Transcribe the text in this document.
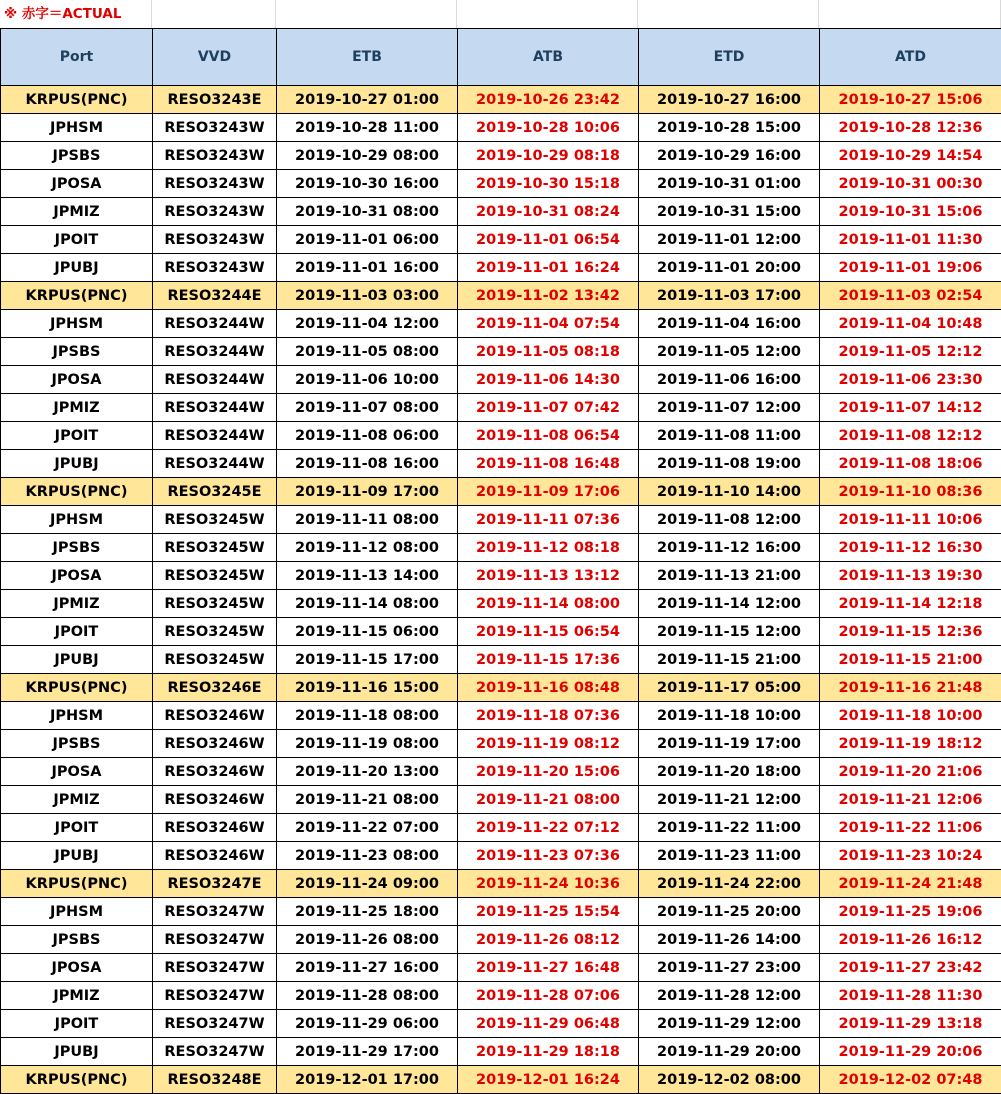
※ 赤字＝ACTUAL
Port	VVD	ETB	ATB	ETD	ATD
KRPUS(PNC)	RESO3243E	2019-10-27 01:00	2019-10-26 23:42	2019-10-27 16:00	2019-10-27 15:06
JPHSM	RESO3243W	2019-10-28 11:00	2019-10-28 10:06	2019-10-28 15:00	2019-10-28 12:36
JPSBS	RESO3243W	2019-10-29 08:00	2019-10-29 08:18	2019-10-29 16:00	2019-10-29 14:54
JPOSA	RESO3243W	2019-10-30 16:00	2019-10-30 15:18	2019-10-31 01:00	2019-10-31 00:30
JPMIZ	RESO3243W	2019-10-31 08:00	2019-10-31 08:24	2019-10-31 15:00	2019-10-31 15:06
JPOIT	RESO3243W	2019-11-01 06:00	2019-11-01 06:54	2019-11-01 12:00	2019-11-01 11:30
JPUBJ	RESO3243W	2019-11-01 16:00	2019-11-01 16:24	2019-11-01 20:00	2019-11-01 19:06
KRPUS(PNC)	RESO3244E	2019-11-03 03:00	2019-11-02 13:42	2019-11-03 17:00	2019-11-03 02:54
JPHSM	RESO3244W	2019-11-04 12:00	2019-11-04 07:54	2019-11-04 16:00	2019-11-04 10:48
JPSBS	RESO3244W	2019-11-05 08:00	2019-11-05 08:18	2019-11-05 12:00	2019-11-05 12:12
JPOSA	RESO3244W	2019-11-06 10:00	2019-11-06 14:30	2019-11-06 16:00	2019-11-06 23:30
JPMIZ	RESO3244W	2019-11-07 08:00	2019-11-07 07:42	2019-11-07 12:00	2019-11-07 14:12
JPOIT	RESO3244W	2019-11-08 06:00	2019-11-08 06:54	2019-11-08 11:00	2019-11-08 12:12
JPUBJ	RESO3244W	2019-11-08 16:00	2019-11-08 16:48	2019-11-08 19:00	2019-11-08 18:06
KRPUS(PNC)	RESO3245E	2019-11-09 17:00	2019-11-09 17:06	2019-11-10 14:00	2019-11-10 08:36
JPHSM	RESO3245W	2019-11-11 08:00	2019-11-11 07:36	2019-11-08 12:00	2019-11-11 10:06
JPSBS	RESO3245W	2019-11-12 08:00	2019-11-12 08:18	2019-11-12 16:00	2019-11-12 16:30
JPOSA	RESO3245W	2019-11-13 14:00	2019-11-13 13:12	2019-11-13 21:00	2019-11-13 19:30
JPMIZ	RESO3245W	2019-11-14 08:00	2019-11-14 08:00	2019-11-14 12:00	2019-11-14 12:18
JPOIT	RESO3245W	2019-11-15 06:00	2019-11-15 06:54	2019-11-15 12:00	2019-11-15 12:36
JPUBJ	RESO3245W	2019-11-15 17:00	2019-11-15 17:36	2019-11-15 21:00	2019-11-15 21:00
KRPUS(PNC)	RESO3246E	2019-11-16 15:00	2019-11-16 08:48	2019-11-17 05:00	2019-11-16 21:48
JPHSM	RESO3246W	2019-11-18 08:00	2019-11-18 07:36	2019-11-18 10:00	2019-11-18 10:00
JPSBS	RESO3246W	2019-11-19 08:00	2019-11-19 08:12	2019-11-19 17:00	2019-11-19 18:12
JPOSA	RESO3246W	2019-11-20 13:00	2019-11-20 15:06	2019-11-20 18:00	2019-11-20 21:06
JPMIZ	RESO3246W	2019-11-21 08:00	2019-11-21 08:00	2019-11-21 12:00	2019-11-21 12:06
JPOIT	RESO3246W	2019-11-22 07:00	2019-11-22 07:12	2019-11-22 11:00	2019-11-22 11:06
JPUBJ	RESO3246W	2019-11-23 08:00	2019-11-23 07:36	2019-11-23 11:00	2019-11-23 10:24
KRPUS(PNC)	RESO3247E	2019-11-24 09:00	2019-11-24 10:36	2019-11-24 22:00	2019-11-24 21:48
JPHSM	RESO3247W	2019-11-25 18:00	2019-11-25 15:54	2019-11-25 20:00	2019-11-25 19:06
JPSBS	RESO3247W	2019-11-26 08:00	2019-11-26 08:12	2019-11-26 14:00	2019-11-26 16:12
JPOSA	RESO3247W	2019-11-27 16:00	2019-11-27 16:48	2019-11-27 23:00	2019-11-27 23:42
JPMIZ	RESO3247W	2019-11-28 08:00	2019-11-28 07:06	2019-11-28 12:00	2019-11-28 11:30
JPOIT	RESO3247W	2019-11-29 06:00	2019-11-29 06:48	2019-11-29 12:00	2019-11-29 13:18
JPUBJ	RESO3247W	2019-11-29 17:00	2019-11-29 18:18	2019-11-29 20:00	2019-11-29 20:06
KRPUS(PNC)	RESO3248E	2019-12-01 17:00	2019-12-01 16:24	2019-12-02 08:00	2019-12-02 07:48
